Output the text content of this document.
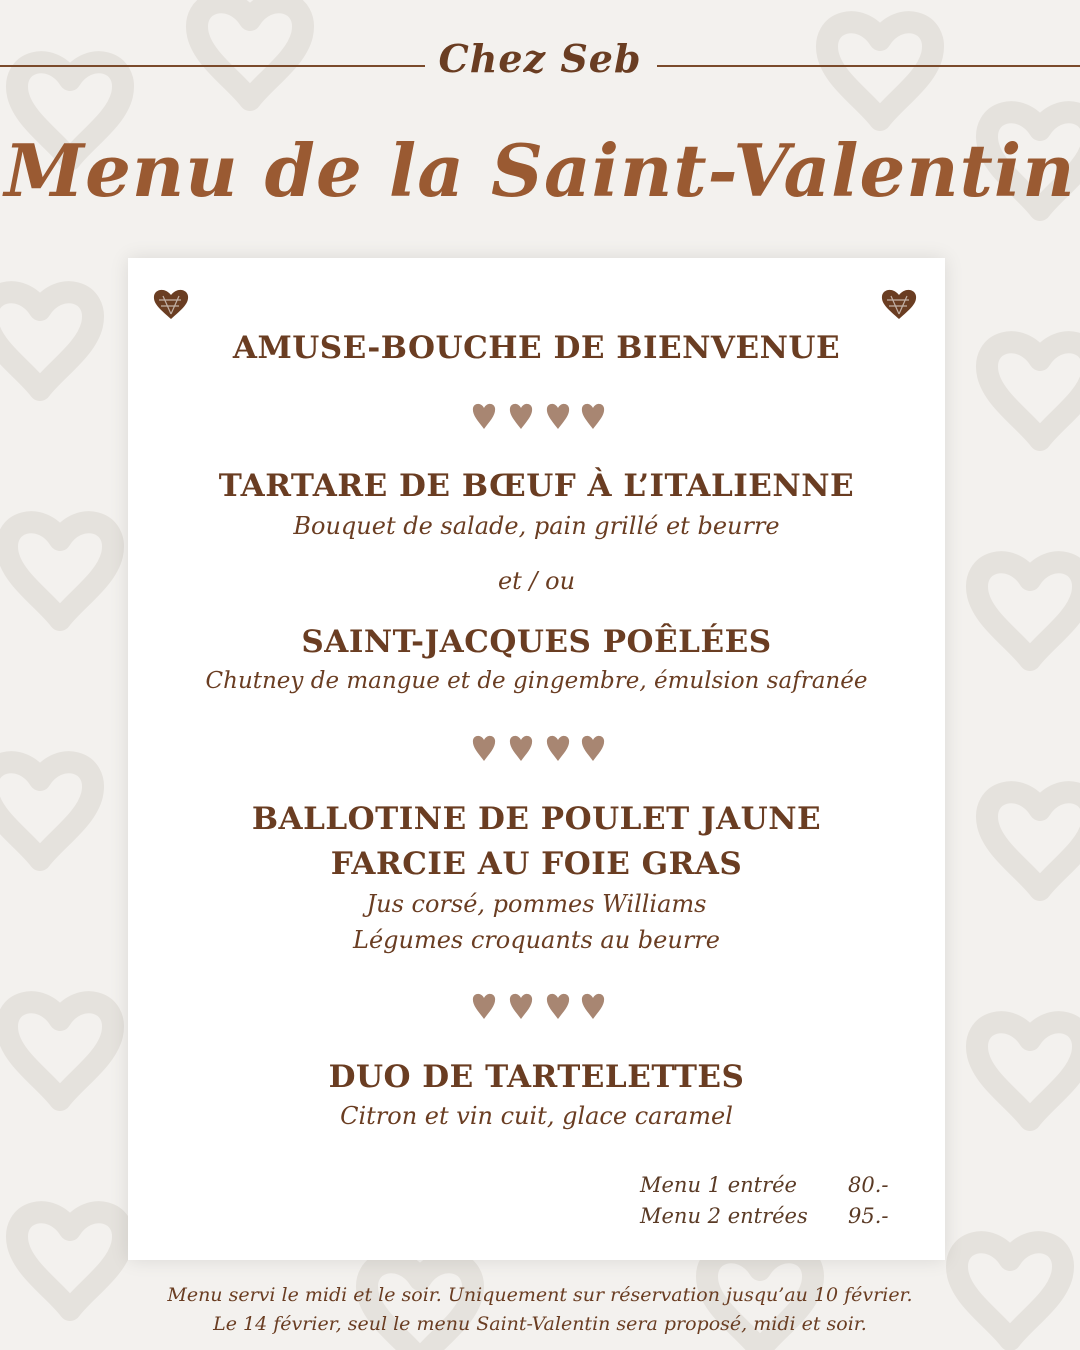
Chez Seb
Menu de la Saint-Valentin
AMUSE-BOUCHE DE BIENVENUE
TARTARE DE BŒUF À L’ITALIENNE
Bouquet de salade, pain grillé et beurre
et / ou
SAINT-JACQUES POÊLÉES
Chutney de mangue et de gingembre, émulsion safranée
BALLOTINE DE POULET JAUNE
FARCIE AU FOIE GRAS
Jus corsé, pommes Williams
Légumes croquants au beurre
DUO DE TARTELETTES
Citron et vin cuit, glace caramel
Menu 1 entrée 80.-
Menu 2 entrées 95.-
Menu servi le midi et le soir. Uniquement sur réservation jusqu’au 10 février.
Le 14 février, seul le menu Saint-Valentin sera proposé, midi et soir.
